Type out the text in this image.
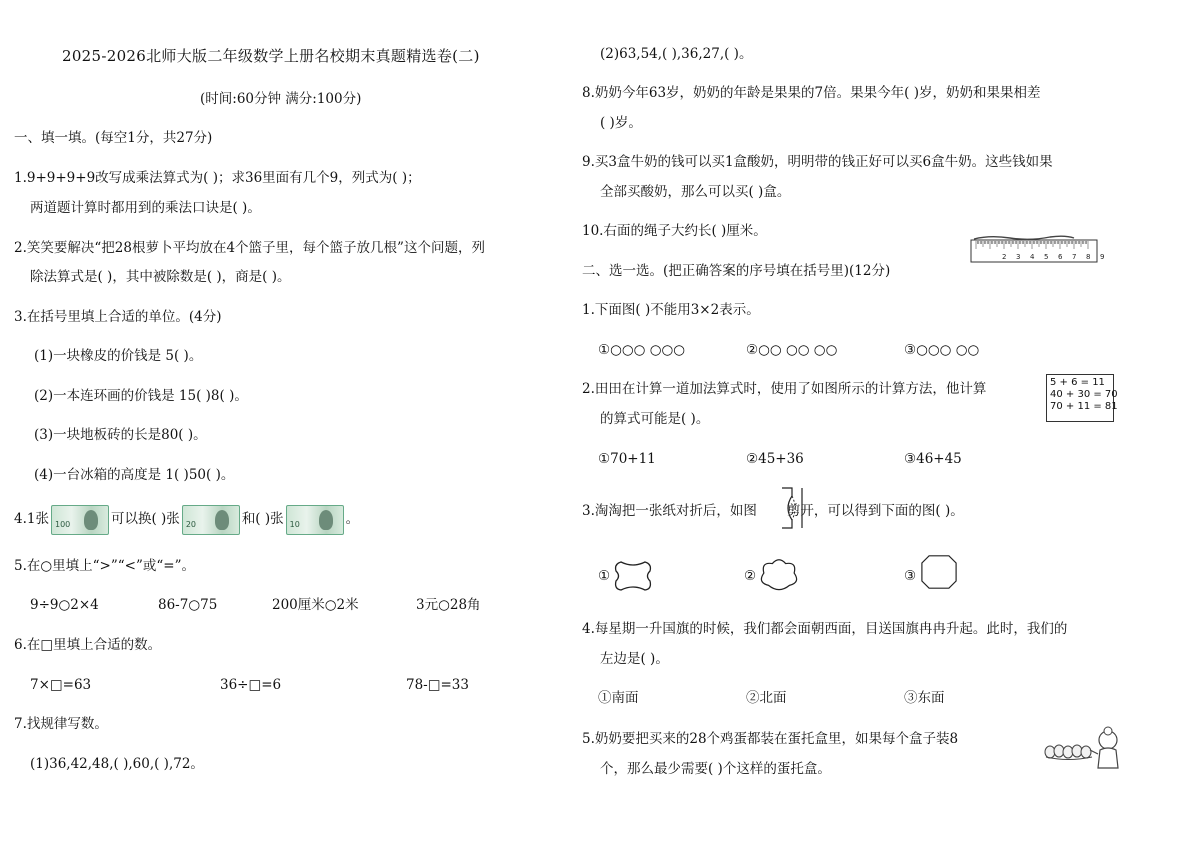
2025-2026北师大版二年级数学上册名校期末真题精选卷(二)
(时间:60分钟 满分:100分)
一、填一填。(每空1分，共27分)
1.9+9+9+9改写成乘法算式为( )；求36里面有几个9，列式为( )；
两道题计算时都用到的乘法口诀是( )。
2.笑笑要解决“把28根萝卜平均放在4个篮子里，每个篮子放几根”这个问题，列
除法算式是( )，其中被除数是( )，商是( )。
3.在括号里填上合适的单位。(4分)
(1)一块橡皮的价钱是 5( )。
(2)一本连环画的价钱是 15( )8( )。
(3)一块地板砖的长是80( )。
(4)一台冰箱的高度是 1( )50( )。
4.1张 100	可以换( )张 20	和( )张 10	。
5.在○里填上“>”“<”或“=”。
9÷9○2×4	86-7○75	200厘米○2米	3元○28角
6.在□里填上合适的数。
7×□=63	36÷□=6	78-□=33
7.找规律写数。
(1)36,42,48,( ),60,( ),72。
(2)63,54,( ),36,27,( )。
8.奶奶今年63岁，奶奶的年龄是果果的7倍。果果今年( )岁，奶奶和果果相差
( )岁。
9.买3盒牛奶的钱可以买1盒酸奶，明明带的钱正好可以买6盒牛奶。这些钱如果
全部买酸奶，那么可以买( )盒。
10.右面的绳子大约长( )厘米。
2 3 4 5 6 7 8 9
二、选一选。(把正确答案的序号填在括号里)(12分)
1.下面图( )不能用3×2表示。
①○○○ ○○○	②○○ ○○ ○○	③○○○ ○○
2.田田在计算一道加法算式时，使用了如图所示的计算方法，他计算
的算式可能是( )。
5 + 6 = 11
40 + 30 = 70
70 + 11 = 81
①70+11	②45+36	③46+45
3.淘淘把一张纸对折后，如图 剪开，可以得到下面的图( )。
①	②	③
4.每星期一升国旗的时候，我们都会面朝西面，目送国旗冉冉升起。此时，我们的
左边是( )。
①南面	②北面	③东面
5.奶奶要把买来的28个鸡蛋都装在蛋托盒里，如果每个盒子装8
个，那么最少需要( )个这样的蛋托盒。
